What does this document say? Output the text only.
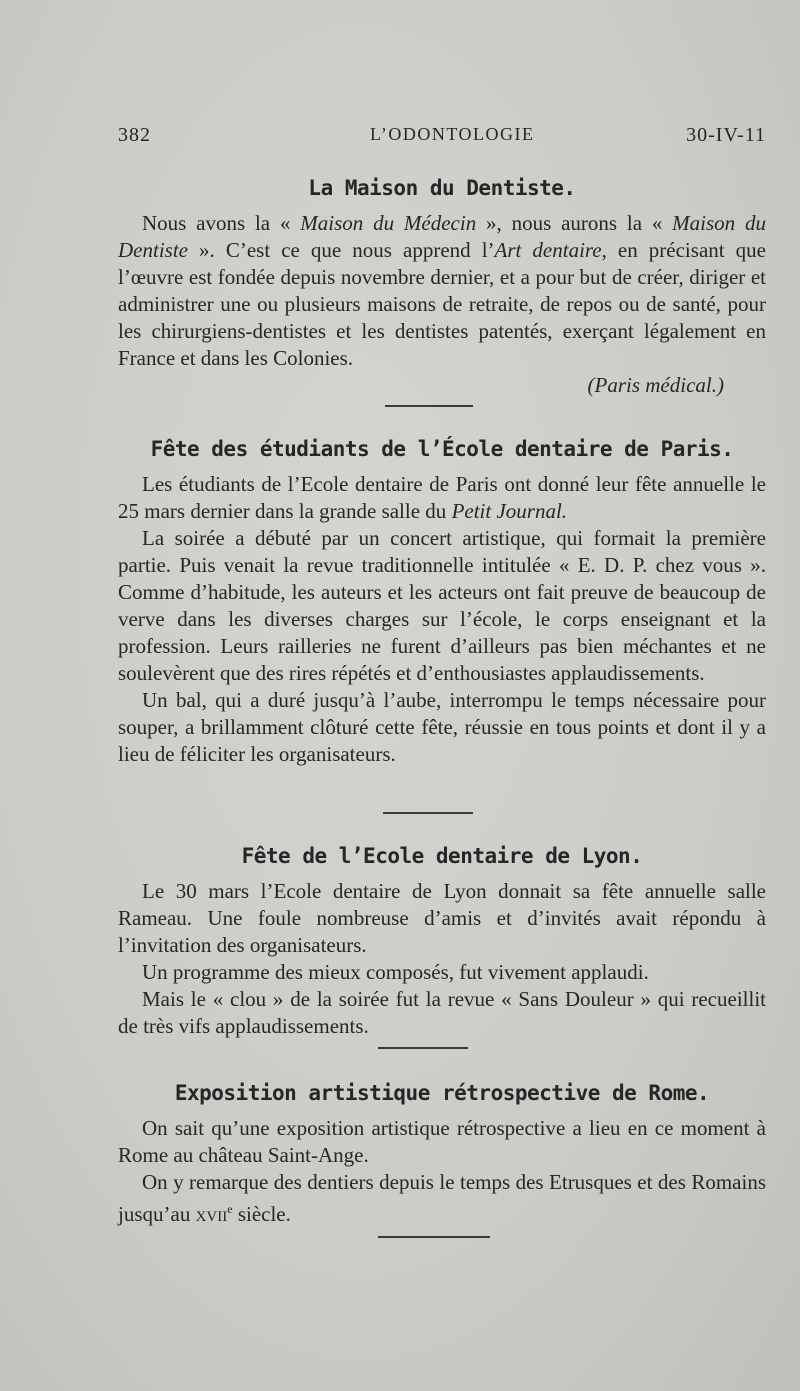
382	L’ODONTOLOGIE	30-IV-11
La Maison du Dentiste.

Nous avons la « Maison du Médecin », nous aurons la « Maison du Dentiste ». C’est ce que nous apprend l’Art dentaire, en précisant que l’œuvre est fondée depuis novembre dernier, et a pour but de créer, diriger et administrer une ou plusieurs maisons de retraite, de repos ou de santé, pour les chirurgiens-dentistes et les dentistes patentés, exerçant légalement en France et dans les Colonies.

(Paris médical.)
Fête des étudiants de l’École dentaire de Paris.

Les étudiants de l’Ecole dentaire de Paris ont donné leur fête annuelle le 25 mars dernier dans la grande salle du Petit Journal.

La soirée a débuté par un concert artistique, qui formait la première partie. Puis venait la revue traditionnelle intitulée « E. D. P. chez vous ». Comme d’habitude, les auteurs et les acteurs ont fait preuve de beaucoup de verve dans les diverses charges sur l’école, le corps enseignant et la profession. Leurs railleries ne furent d’ailleurs pas bien méchantes et ne soulevèrent que des rires répétés et d’enthousiastes applaudissements.

Un bal, qui a duré jusqu’à l’aube, interrompu le temps nécessaire pour souper, a brillamment clôturé cette fête, réussie en tous points et dont il y a lieu de féliciter les organisateurs.

Fête de l’Ecole dentaire de Lyon.

Le 30 mars l’Ecole dentaire de Lyon donnait sa fête annuelle salle Rameau. Une foule nombreuse d’amis et d’invités avait répondu à l’invitation des organisateurs.

Un programme des mieux composés, fut vivement applaudi.

Mais le « clou » de la soirée fut la revue « Sans Douleur » qui recueillit de très vifs applaudissements.

Exposition artistique rétrospective de Rome.

On sait qu’une exposition artistique rétrospective a lieu en ce moment à Rome au château Saint-Ange.

On y remarque des dentiers depuis le temps des Etrusques et des Romains jusqu’au xvii$^e$ siècle.
